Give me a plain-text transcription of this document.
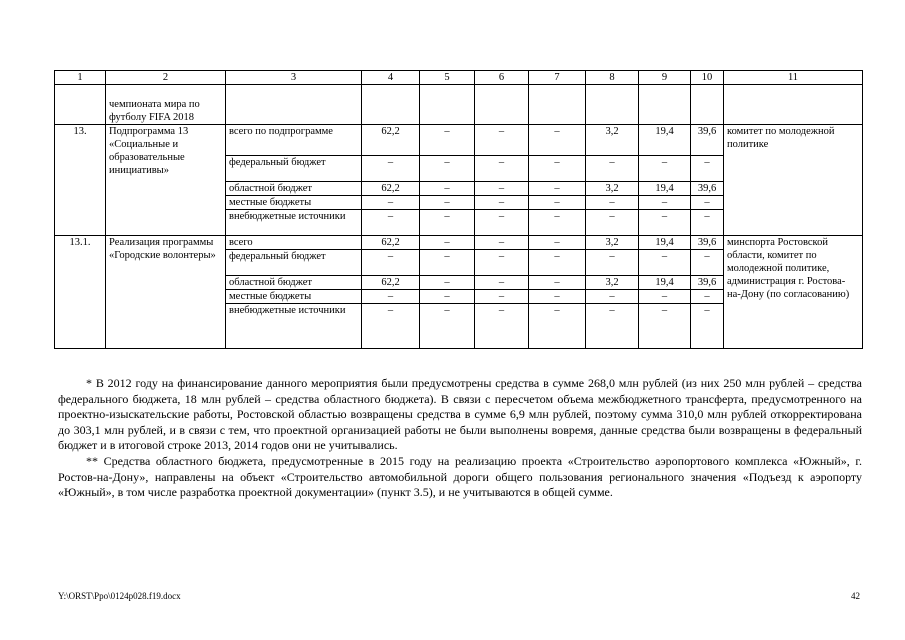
1	2	3	4	5	6	7	8	9	10	11
	чемпионата мира по футболу FIFA 2018									
13.	Подпрограмма 13 «Социальные и образовательные инициативы»	всего по подпрограмме	62,2	–	–	–	3,2	19,4	39,6	комитет по молодежной политике
		федеральный бюджет	–	–	–	–	–	–	–	
		областной бюджет	62,2	–	–	–	3,2	19,4	39,6	
		местные бюджеты	–	–	–	–	–	–	–	
		внебюджетные источники	–	–	–	–	–	–	–	
13.1.	Реализация программы «Городские волонтеры»	всего	62,2	–	–	–	3,2	19,4	39,6	минспорта Ростовской области, комитет по молодежной политике, администрация г. Ростова-на-Дону (по согласованию)
		федеральный бюджет	–	–	–	–	–	–	–	
		областной бюджет	62,2	–	–	–	3,2	19,4	39,6	
		местные бюджеты	–	–	–	–	–	–	–	
		внебюджетные источники	–	–	–	–	–	–	–	

* В 2012 году на финансирование данного мероприятия были предусмотрены средства в сумме 268,0 млн рублей (из них 250 млн рублей – средства федерального бюджета, 18 млн рублей – средства областного бюджета). В связи с пересчетом объема межбюджетного трансферта, предусмотренного на проектно-изыскательские работы, Ростовской областью возвращены средства в сумме 6,9 млн рублей, поэтому сумма 310,0 млн рублей откорректирована до 303,1 млн рублей, и в связи с тем, что проектной организацией работы не были выполнены вовремя, данные средства были возвращены в федеральный бюджет и в итоговой строке 2013, 2014 годов они не учитывались.

** Средства областного бюджета, предусмотренные в 2015 году на реализацию проекта «Строительство аэропортового комплекса «Южный», г. Ростов-на-Дону», направлены на объект «Строительство автомобильной дороги общего пользования регионального значения «Подъезд к аэропорту «Южный», в том числе разработка проектной документации» (пункт 3.5), и не учитываются в общей сумме.

Y:\ORST\Ppo\0124p028.f19.docx	42
